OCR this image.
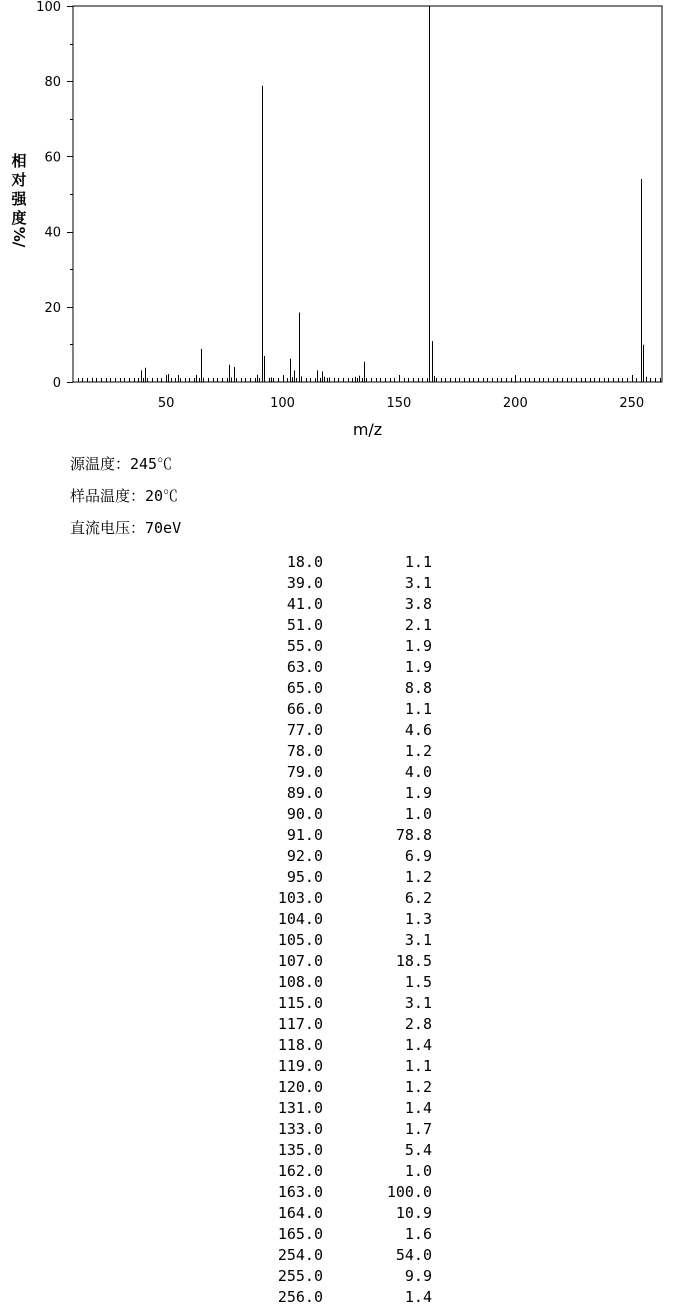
50	100	150	200	250
0
20
40
60
80
100
m/z
相
对
强
度
%/
源温度：245℃
样品温度：20℃
直流电压：70eV
18.0	1.1
39.0	3.1
41.0	3.8
51.0	2.1
55.0	1.9
63.0	1.9
65.0	8.8
66.0	1.1
77.0	4.6
78.0	1.2
79.0	4.0
89.0	1.9
90.0	1.0
91.0	78.8
92.0	6.9
95.0	1.2
103.0	6.2
104.0	1.3
105.0	3.1
107.0	18.5
108.0	1.5
115.0	3.1
117.0	2.8
118.0	1.4
119.0	1.1
120.0	1.2
131.0	1.4
133.0	1.7
135.0	5.4
162.0	1.0
163.0	100.0
164.0	10.9
165.0	1.6
254.0	54.0
255.0	9.9
256.0	1.4
